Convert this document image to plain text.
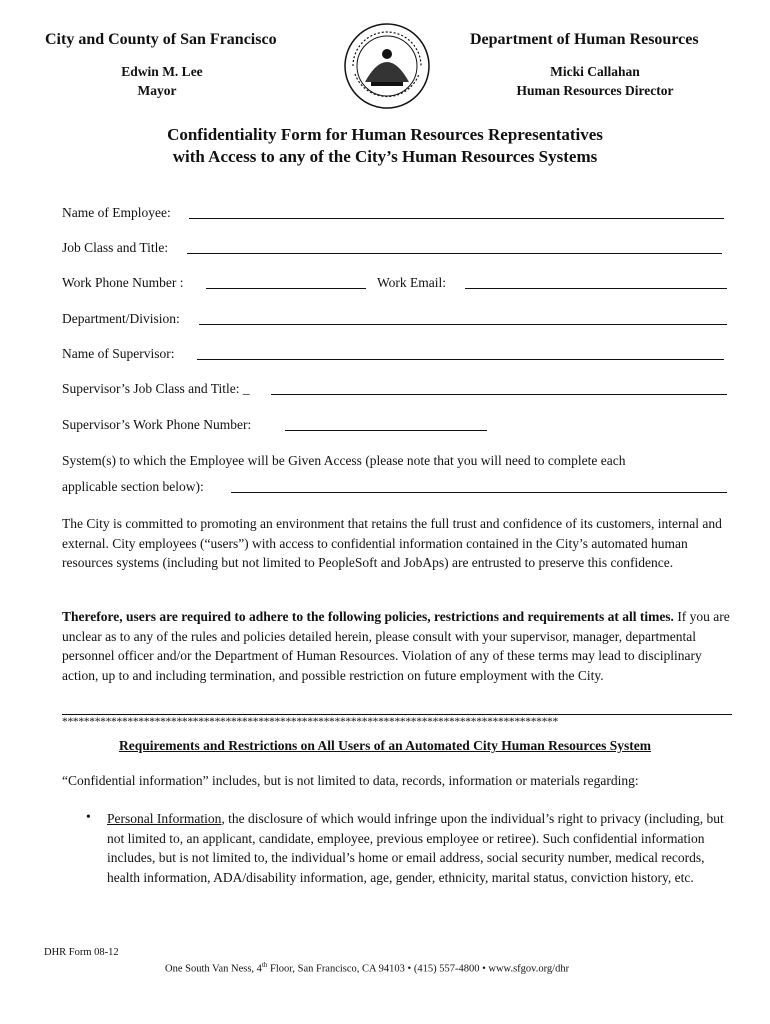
City and County of San Francisco
Edwin M. Lee
Mayor
Department of Human Resources
Micki Callahan
Human Resources Director
Confidentiality Form for Human Resources Representatives
with Access to any of the City’s Human Resources Systems
Name of Employee:
Job Class and Title:
Work Phone Number :	Work Email:
Department/Division:
Name of Supervisor:
Supervisor’s Job Class and Title: _
Supervisor’s Work Phone Number:
System(s) to which the Employee will be Given Access (please note that you will need to complete each
applicable section below):
The City is committed to promoting an environment that retains the full trust and confidence of its customers, internal and external. City employees (“users”) with access to confidential information contained in the City’s automated human resources systems (including but not limited to PeopleSoft and JobAps) are entrusted to preserve this confidence.
Therefore, users are required to adhere to the following policies, restrictions and requirements at all times. If you are unclear as to any of the rules and policies detailed herein, please consult with your supervisor, manager, departmental personnel officer and/or the Department of Human Resources. Violation of any of these terms may lead to disciplinary action, up to and including termination, and possible restriction on future employment with the City.
*******************************************************************************************
Requirements and Restrictions on All Users of an Automated City Human Resources System
“Confidential information” includes, but is not limited to data, records, information or materials regarding:
• Personal Information, the disclosure of which would infringe upon the individual’s right to privacy (including, but not limited to, an applicant, candidate, employee, previous employee or retiree). Such confidential information includes, but is not limited to, the individual’s home or email address, social security number, medical records, health information, ADA/disability information, age, gender, ethnicity, marital status, conviction history, etc.
DHR Form 08-12
One South Van Ness, 4th Floor, San Francisco, CA 94103 • (415) 557-4800 • www.sfgov.org/dhr
